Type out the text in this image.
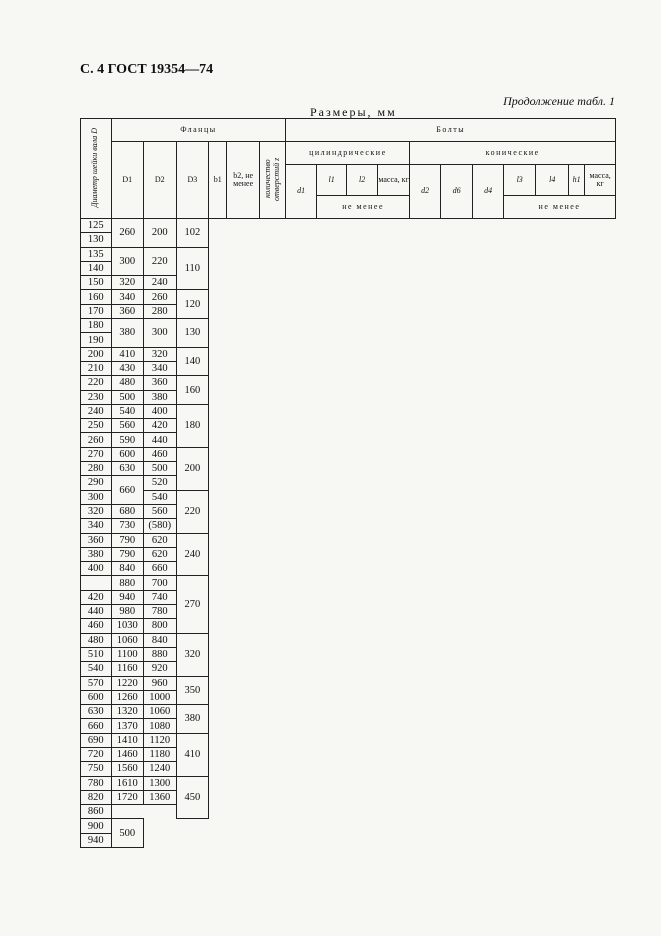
С. 4 ГОСТ 19354—74
Продолжение табл. 1
Размеры, мм
Диаметр шейки вала D	Фланцы						Болты										
	D1	D2	D3	b1	b2, не менее	количество отверстий z	цилиндрические				конические						
							d1	l1	l2	масса, кг	d2	d6	d4	l3	l4	h1	масса, кг
								не менее						не менее			
125	260	200	102														
130																	
135	300	220	110														
140																	
150	320	240															
160	340	260	120														
170	360	280															
180	380	300	130														
190																	
200	410	320	140														
210	430	340															
220	480	360	160														
230	500	380															
240	540	400	180														
250	560	420															
260	590	440															
270	600	460	200														
280	630	500															
290	660	520															
300		540	220														
320	680	560															
340	730	(580)															
360	790	620	240														
380	790	620															
400	840	660															
	880	700	270														
420	940	740															
440	980	780															
460	1030	800															
480	1060	840	320														
510	1100	880															
540	1160	920															
570	1220	960	350														
600	1260	1000															
630	1320	1060	380														
660	1370	1080															
690	1410	1120	410														
720	1460	1180															
750	1560	1240															
780	1610	1300	450														
820	1720	1360															
860																	
900	500																
940																	
